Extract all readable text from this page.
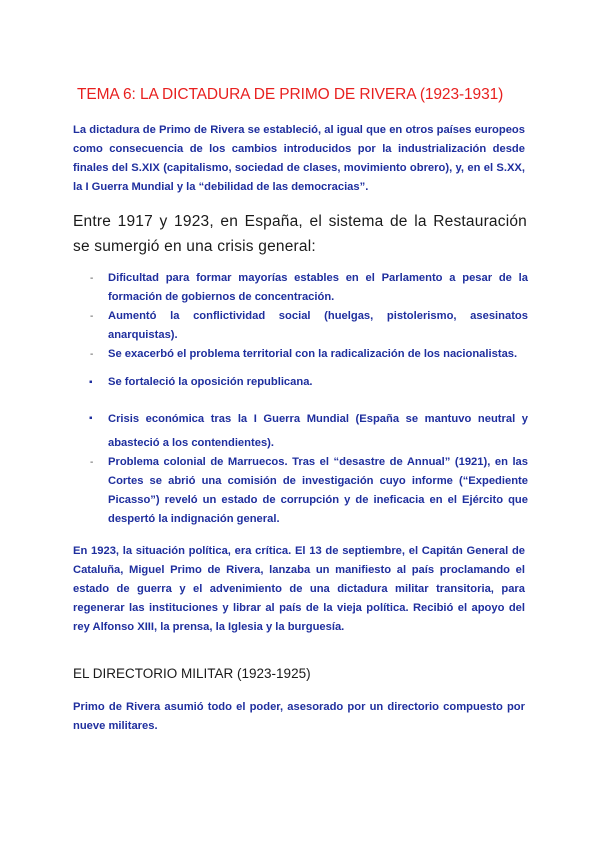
TEMA 6: LA DICTADURA DE PRIMO DE RIVERA (1923-1931)

La dictadura de Primo de Rivera se estableció, al igual que en otros países europeos como consecuencia de los cambios introducidos por la industrialización desde finales del S.XIX (capitalismo, sociedad de clases, movimiento obrero), y, en el S.XX, la I Guerra Mundial y la “debilidad de las democracias”.

Entre 1917 y 1923, en España, el sistema de la Restauración se sumergió en una crisis general:

- Dificultad para formar mayorías estables en el Parlamento a pesar de la formación de gobiernos de concentración.
- Aumentó la conflictividad social (huelgas, pistolerismo, asesinatos anarquistas).
- Se exacerbó el problema territorial con la radicalización de los nacionalistas.
▪ Se fortaleció la oposición republicana.
▪ Crisis económica tras la I Guerra Mundial (España se mantuvo neutral y abasteció a los contendientes).
- Problema colonial de Marruecos. Tras el “desastre de Annual” (1921), en las Cortes se abrió una comisión de investigación cuyo informe (“Expediente Picasso”) reveló un estado de corrupción y de ineficacia en el Ejército que despertó la indignación general.

En 1923, la situación política, era crítica. El 13 de septiembre, el Capitán General de Cataluña, Miguel Primo de Rivera, lanzaba un manifiesto al país proclamando el estado de guerra y el advenimiento de una dictadura militar transitoria, para regenerar las instituciones y librar al país de la vieja política. Recibió el apoyo del rey Alfonso XIII, la prensa, la Iglesia y la burguesía.

EL DIRECTORIO MILITAR (1923-1925)

Primo de Rivera asumió todo el poder, asesorado por un directorio compuesto por nueve militares.
